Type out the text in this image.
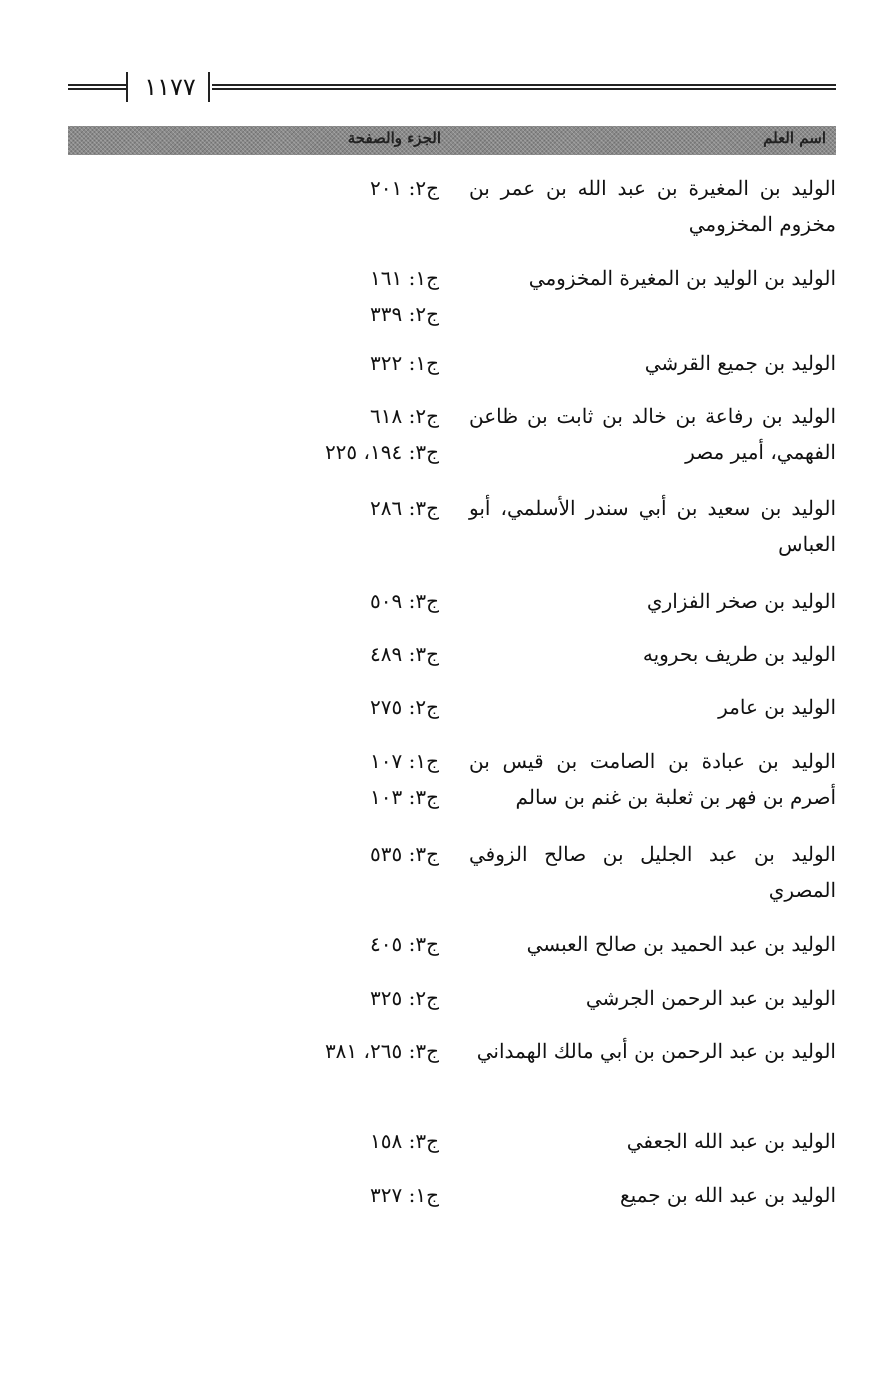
١١٧٧
اسم العلم
الجزء والصفحة
الوليد بن المغيرة بن عبد الله بن عمر بن مخزوم المخزومي
ج٢: ٢٠١
الوليد بن الوليد بن المغيرة المخزومي
ج١: ١٦١
ج٢: ٣٣٩
الوليد بن جميع القرشي
ج١: ٣٢٢
الوليد بن رفاعة بن خالد بن ثابت بن ظاعن الفهمي، أمير مصر
ج٢: ٦١٨
ج٣: ١٩٤، ٢٢٥
الوليد بن سعيد بن أبي سندر الأسلمي، أبو العباس
ج٣: ٢٨٦
الوليد بن صخر الفزاري
ج٣: ٥٠٩
الوليد بن طريف بحرويه
ج٣: ٤٨٩
الوليد بن عامر
ج٢: ٢٧٥
الوليد بن عبادة بن الصامت بن قيس بن أصرم بن فهر بن ثعلبة بن غنم بن سالم
ج١: ١٠٧
ج٣: ١٠٣
الوليد بن عبد الجليل بن صالح الزوفي المصري
ج٣: ٥٣٥
الوليد بن عبد الحميد بن صالح العبسي
ج٣: ٤٠٥
الوليد بن عبد الرحمن الجرشي
ج٢: ٣٢٥
الوليد بن عبد الرحمن بن أبي مالك الهمداني
ج٣: ٢٦٥، ٣٨١
الوليد بن عبد الله الجعفي
ج٣: ١٥٨
الوليد بن عبد الله بن جميع
ج١: ٣٢٧
